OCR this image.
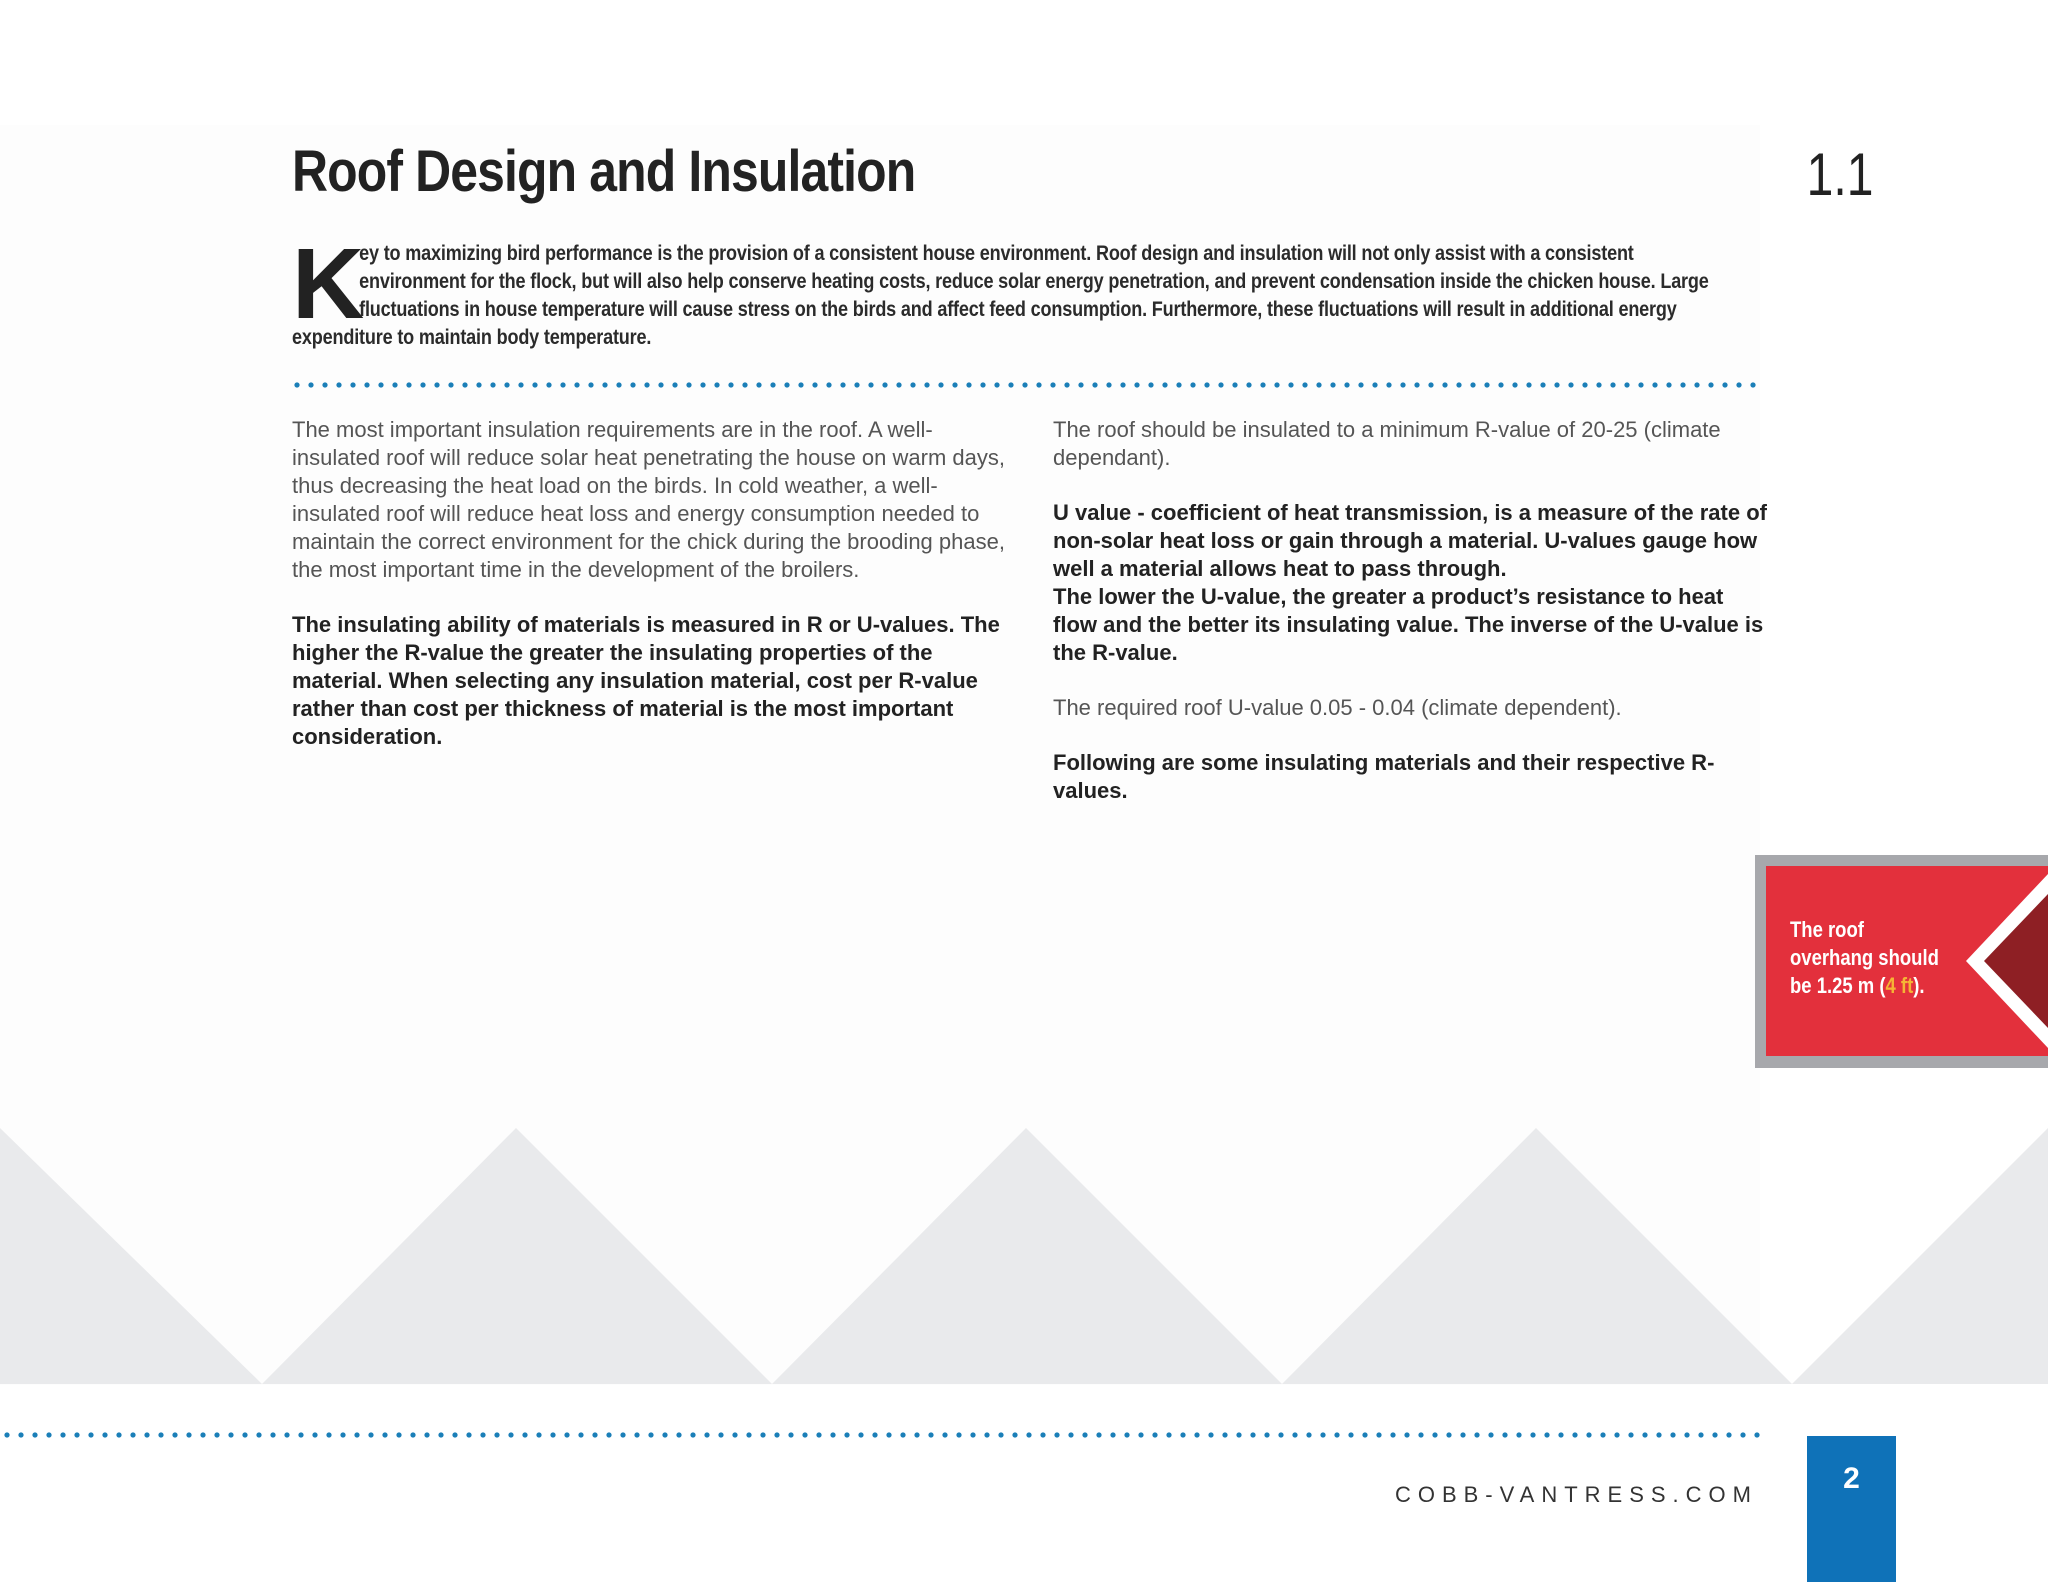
Roof Design and Insulation	1.1
K

ey to maximizing bird performance is the provision of a consistent house environment. Roof design and insulation will not only assist with a consistent environment for the flock, but will also help conserve heating costs, reduce solar energy penetration, and prevent condensation inside the chicken house. Large fluctuations in house temperature will cause stress on the birds and affect feed consumption. Furthermore, these fluctuations will result in additional energy expenditure to maintain body temperature.

The most important insulation requirements are in the roof. A well-insulated roof will reduce solar heat penetrating the house on warm days, thus decreasing the heat load on the birds. In cold weather, a well-insulated roof will reduce heat loss and energy consumption needed to maintain the correct environment for the chick during the brooding phase, the most important time in the development of the broilers.

The insulating ability of materials is measured in R or U-values. The higher the R-value the greater the insulating properties of the material. When selecting any insulation material, cost per R-value rather than cost per thickness of material is the most important consideration.

The roof should be insulated to a minimum R-value of 20-25 (climate dependant).

U value - coefficient of heat transmission, is a measure of the rate of non-solar heat loss or gain through a material. U-values gauge how well a material allows heat to pass through.

The lower the U-value, the greater a product’s resistance to heat flow and the better its insulating value. The inverse of the U-value is the R-value.

The required roof U-value 0.05 - 0.04 (climate dependent).

Following are some insulating materials and their respective R-values.

The roof
overhang should
be 1.25 m (4 ft).
COBB-VANTRESS.COM	2
